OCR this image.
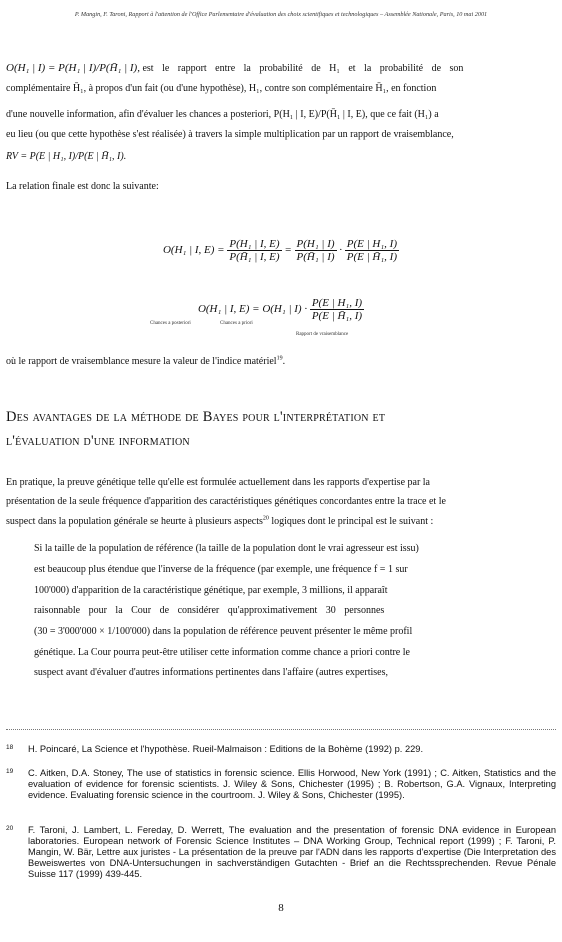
P. Mangin, F. Taroni, Rapport à l'attention de l'Office Parlementaire d'évaluation des choix scientifiques et technologiques – Assemblée Nationale, Paris, 10 mai 2001
O(H₁ | I) = P(H₁ | I)/P(H̄₁ | I), est le rapport entre la probabilité de H₁ et la probabilité de son
complémentaire H̄₁, à propos d'un fait (ou d'une hypothèse), H₁, contre son complémentaire H̄₁, en fonction
d'une nouvelle information, afin d'évaluer les chances a posteriori, P(H₁ | I, E)/P(H̄₁ | I, E), que ce fait (H₁) a
eu lieu (ou que cette hypothèse s'est réalisée) à travers la simple multiplication par un rapport de vraisemblance,
RV = P(E | H₁, I)/P(E | H̄₁, I).
La relation finale est donc la suivante:
O(H₁ | I, $E) = \frac{\text{P(H₁ | I, E)}}{\text{P(H̄₁ | I, E)}} = \frac{\text{P(H₁ | I)}}{\text{P(H̄₁ | I)}} \cdot \frac{\text{P(E | H₁, I)}}{\text{P(E | H̄₁, I)}}$
O(H₁ | I, E) = O(H₁ | $I) \cdot \frac{\text{P(E | H₁, I)}}{\text{P(E | H̄₁, I)}}$
Chances a posteriori	Chances a priori
Rapport de vraisemblance
où le rapport de vraisemblance mesure la valeur de l'indice matériel$^{19}$.
Des avantages de la méthode de Bayes pour l'interprétation et
l'évaluation d'une information
En pratique, la preuve génétique telle qu'elle est formulée actuellement dans les rapports d'expertise par la
présentation de la seule fréquence d'apparition des caractéristiques génétiques concordantes entre la trace et le
suspect dans la population générale se heurte à plusieurs aspects$^{20}$ logiques dont le principal est le suivant :
Si la taille de la population de référence (la taille de la population dont le vrai agresseur est issu)
est beaucoup plus étendue que l'inverse de la fréquence (par exemple, une fréquence f = 1 sur
100'000) d'apparition de la caractéristique génétique, par exemple, 3 millions, il apparaît
raisonnable pour la Cour de considérer qu'approximativement 30 personnes
(30 = 3'000'000 × 1/100'000) dans la population de référence peuvent présenter le même profil
génétique. La Cour pourra peut-être utiliser cette information comme chance a priori contre le
suspect avant d'évaluer d'autres informations pertinentes dans l'affaire (autres expertises,
18 H. Poincaré, La Science et l'hypothèse. Rueil-Malmaison : Editions de la Bohème (1992) p. 229.
19 C. Aitken, D.A. Stoney, The use of statistics in forensic science. Ellis Horwood, New York (1991) ; C. Aitken, Statistics and the evaluation of evidence for forensic scientists. J. Wiley & Sons, Chichester (1995) ; B. Robertson, G.A. Vignaux, Interpreting evidence. Evaluating forensic science in the courtroom. J. Wiley & Sons, Chichester (1995).
20 F. Taroni, J. Lambert, L. Fereday, D. Werrett, The evaluation and the presentation of forensic DNA evidence in European laboratories. European network of Forensic Science Institutes – DNA Working Group, Technical report (1999) ; F. Taroni, P. Mangin, W. Bär, Lettre aux juristes - La présentation de la preuve par l'ADN dans les rapports d'expertise (Die Interpretation des Beweiswertes von DNA-Untersuchungen in sachverständigen Gutachten - Brief an die Rechtssprechenden. Revue Pénale Suisse 117 (1999) 439-445.
8
